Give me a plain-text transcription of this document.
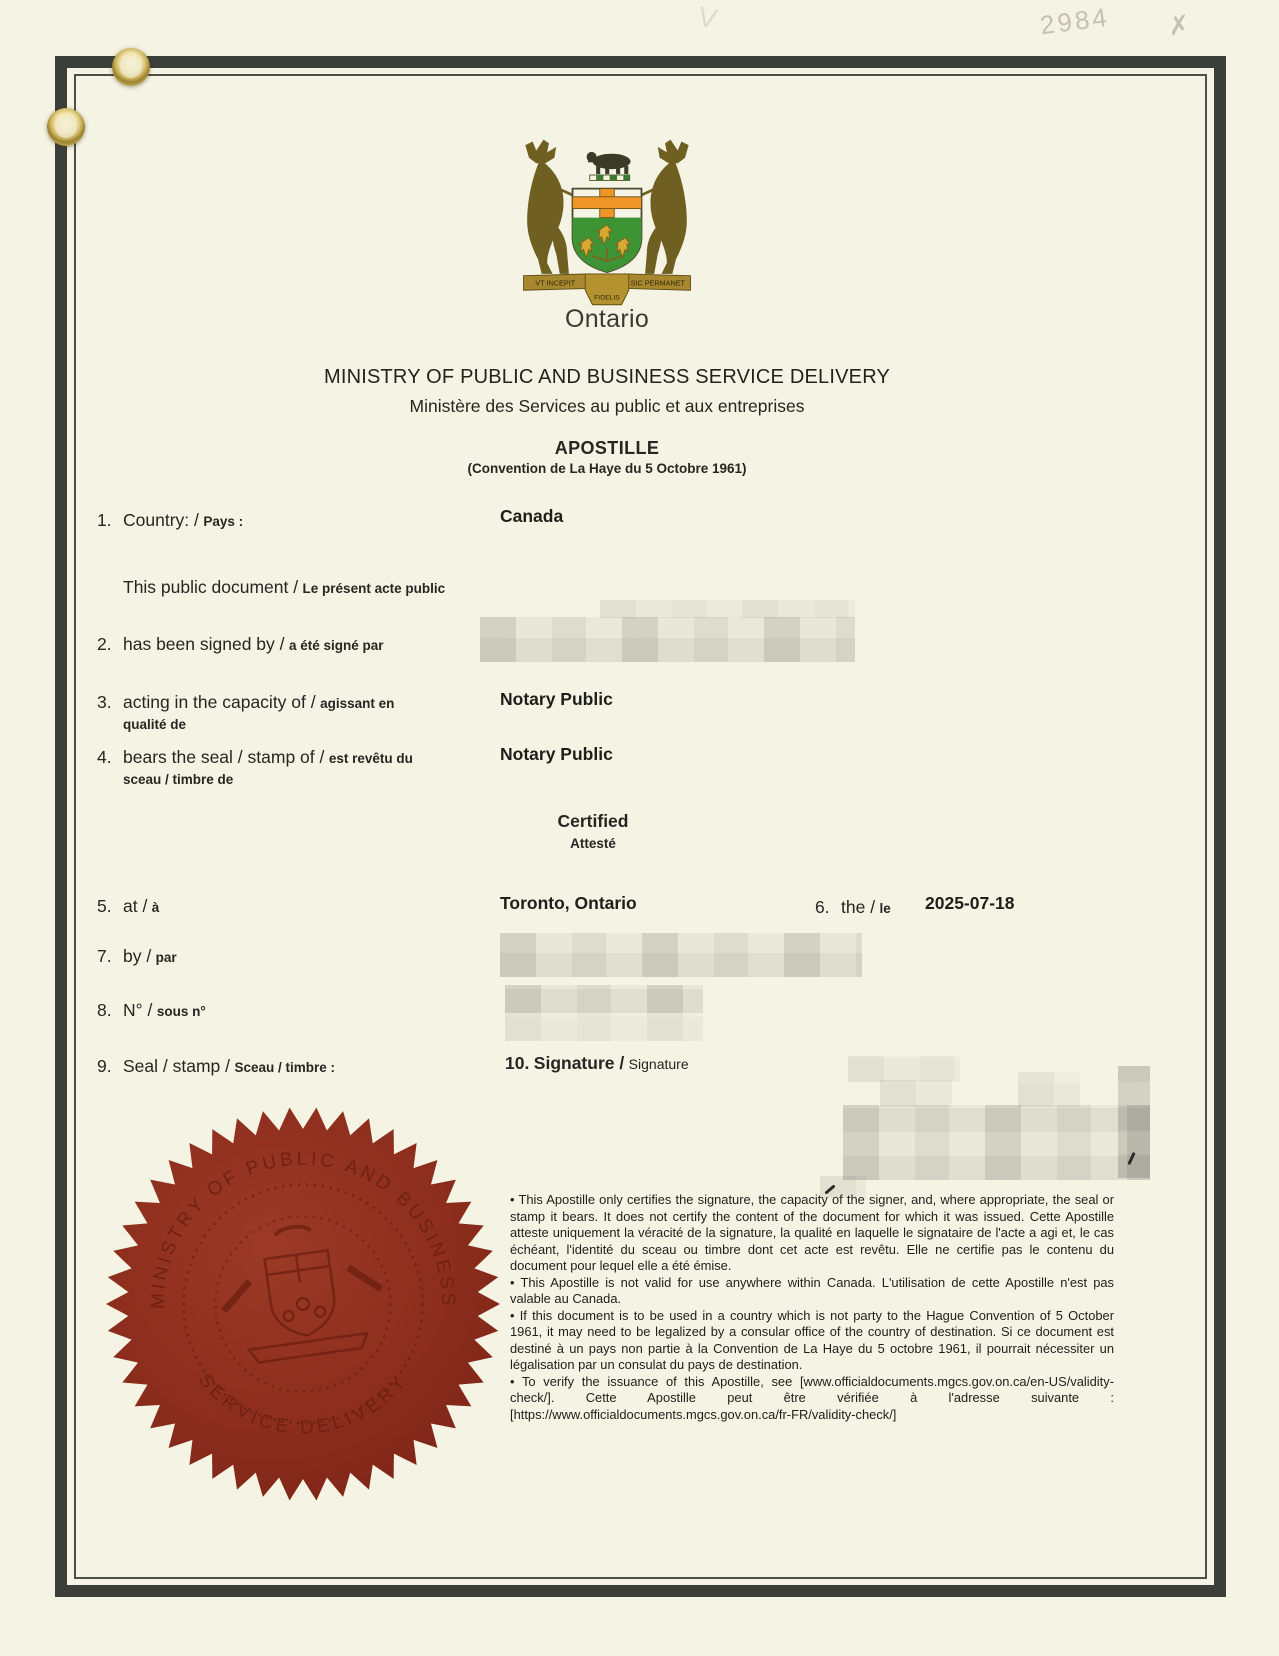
2984 ✗
V
VT INCEPIT	SIC PERMANET
FIDELIS
Ontario
MINISTRY OF PUBLIC AND BUSINESS SERVICE DELIVERY
Ministère des Services au public et aux entreprises
APOSTILLE
(Convention de La Haye du 5 Octobre 1961)
1. Country: / Pays :	Canada
This public document / Le présent acte public
2. has been signed by / a été signé par
3. acting in the capacity of / agissant en
qualité de
Notary Public
4. bears the seal / stamp of / est revêtu du
sceau / timbre de
Notary Public
Certified
Attesté
5. at / à	Toronto, Ontario	6. the / le 2025-07-18
7. by / par
8. N° / sous n°
9. Seal / stamp / Sceau / timbre :	10. Signature / Signature
MINISTRY OF PUBLIC AND BUSINESS
SERVICE DELIVERY

• This Apostille only certifies the signature, the capacity of the signer, and, where appropriate, the seal or stamp it bears. It does not certify the content of the document for which it was issued. Cette Apostille atteste uniquement la véracité de la signature, la qualité en laquelle le signataire de l'acte a agi et, le cas échéant, l'identité du sceau ou timbre dont cet acte est revêtu. Elle ne certifie pas le contenu du document pour lequel elle a été émise.

• This Apostille is not valid for use anywhere within Canada. L'utilisation de cette Apostille n'est pas valable au Canada.

• If this document is to be used in a country which is not party to the Hague Convention of 5 October 1961, it may need to be legalized by a consular office of the country of destination. Si ce document est destiné à un pays non partie à la Convention de La Haye du 5 octobre 1961, il pourrait nécessiter un légalisation par un consulat du pays de destination.

• To verify the issuance of this Apostille, see [www.officialdocuments.mgcs.gov.on.ca/en-US/validity-check/]. Cette Apostille peut être vérifiée à l'adresse suivante : [https://www.officialdocuments.mgcs.gov.on.ca/fr-FR/validity-check/]
